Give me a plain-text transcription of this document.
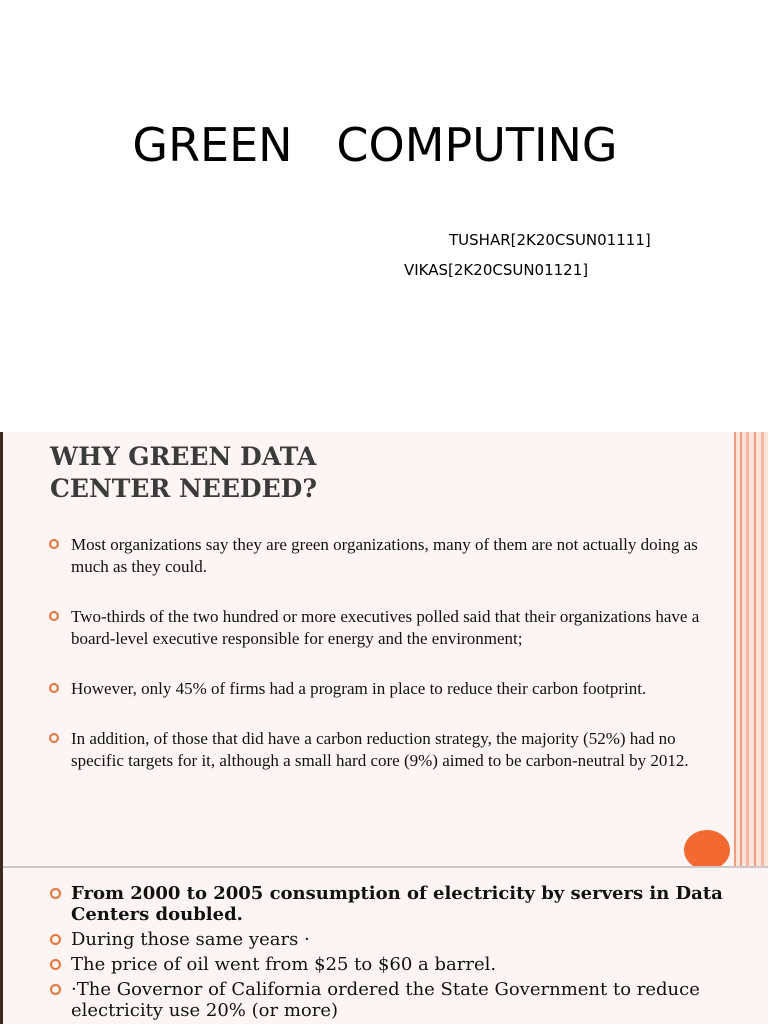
GREEN   COMPUTING
TUSHAR[2K20CSUN01111]
VIKAS[2K20CSUN01121]
WHY GREEN DATA
CENTER NEEDED?
Most organizations say they are green organizations, many of them are not actually doing as much as they could.
Two-thirds of the two hundred or more executives polled said that their organizations have a board-level executive responsible for energy and the environment;
However, only 45% of firms had a program in place to reduce their carbon footprint.
In addition, of those that did have a carbon reduction strategy, the majority (52%) had no specific targets for it, although a small hard core (9%) aimed to be carbon-neutral by 2012.
From 2000 to 2005 consumption of electricity by servers in Data Centers doubled.
During those same years ·
The price of oil went from $25 to $60 a barrel.
·The Governor of California ordered the State Government to reduce electricity use 20% (or more)
